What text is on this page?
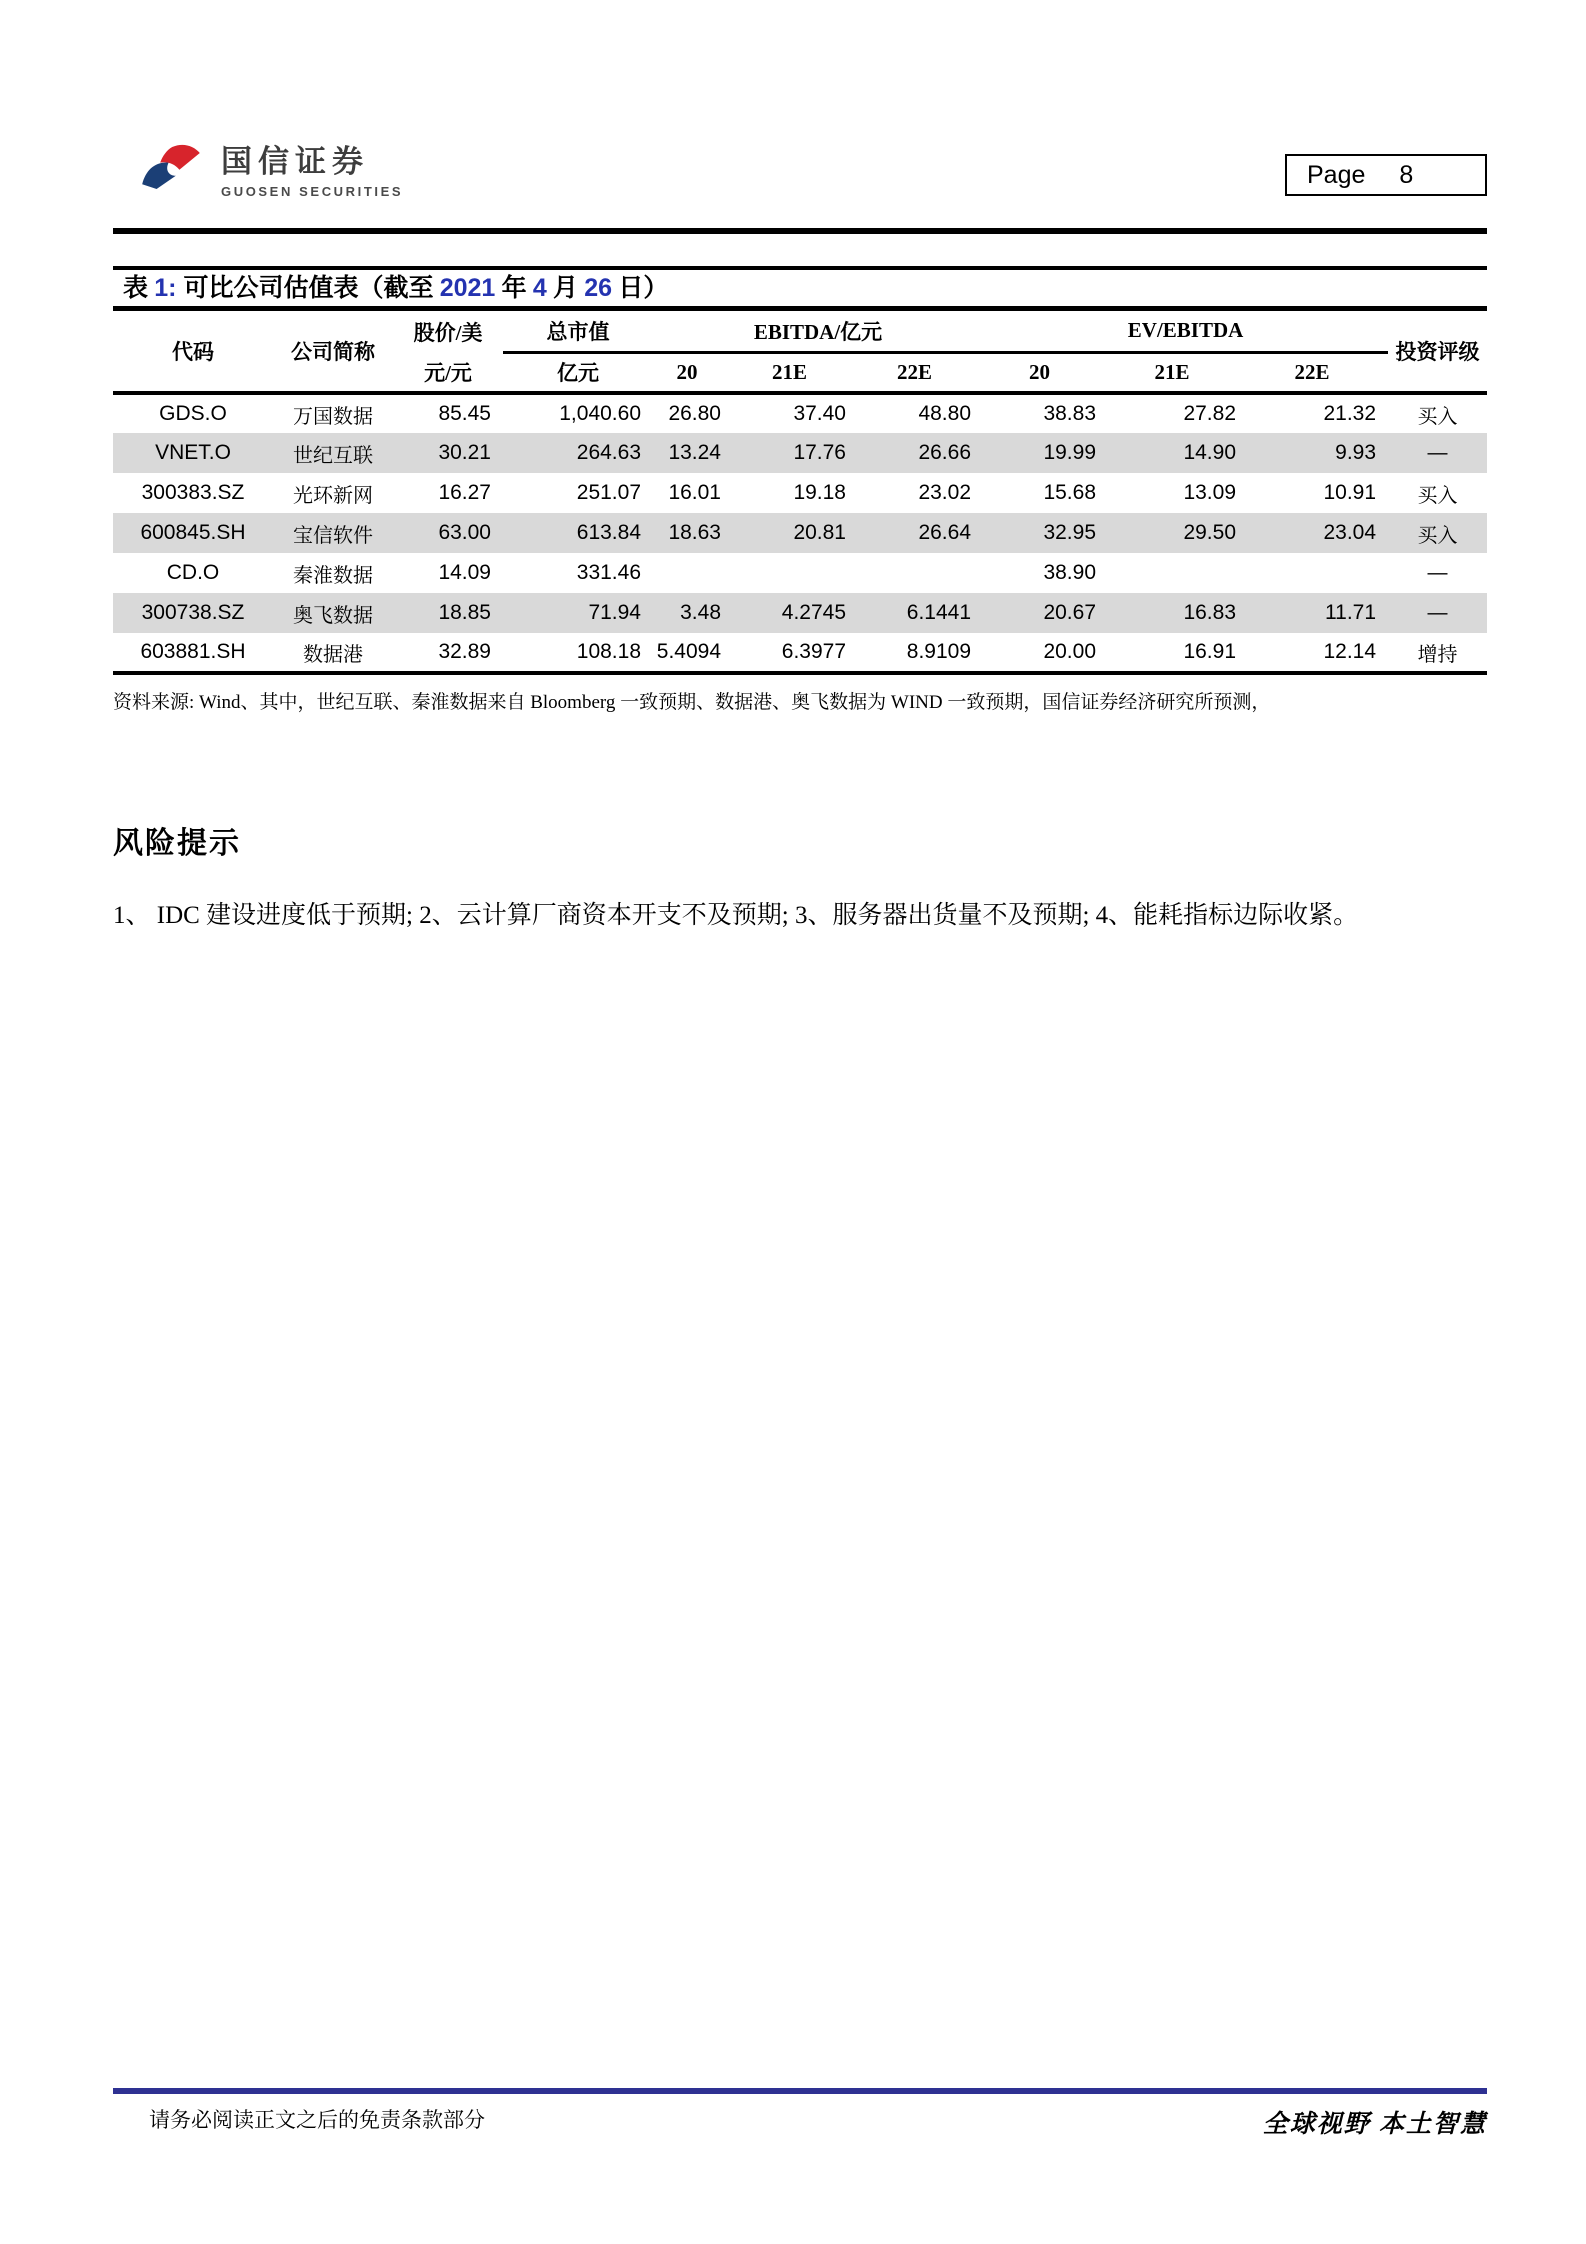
国信证券
GUOSEN SECURITIES
Page 8
表 1: 可比公司估值表（截至 2021 年 4 月 26 日）
代码	公司简称	股价/美	总市值	EBITDA/亿元			EV/EBITDA			投资评级
		元/元	亿元	20	21E	22E	20	21E	22E	
GDS.O	万国数据	85.45	1,040.60	26.80	37.40	48.80	38.83	27.82	21.32	买入
VNET.O	世纪互联	30.21	264.63	13.24	17.76	26.66	19.99	14.90	9.93	—
300383.SZ	光环新网	16.27	251.07	16.01	19.18	23.02	15.68	13.09	10.91	买入
600845.SH	宝信软件	63.00	613.84	18.63	20.81	26.64	32.95	29.50	23.04	买入
CD.O	秦淮数据	14.09	331.46				38.90			—
300738.SZ	奥飞数据	18.85	71.94	3.48	4.2745	6.1441	20.67	16.83	11.71	—
603881.SH	数据港	32.89	108.18	5.4094	6.3977	8.9109	20.00	16.91	12.14	增持
资料来源: Wind、其中，世纪互联、秦淮数据来自 Bloomberg 一致预期、数据港、奥飞数据为 WIND 一致预期，国信证券经济研究所预测，
风险提示

1、 IDC 建设进度低于预期; 2、云计算厂商资本开支不及预期; 3、服务器出货量不及预期; 4、能耗指标边际收紧。

请务必阅读正文之后的免责条款部分	全球视野 本土智慧
